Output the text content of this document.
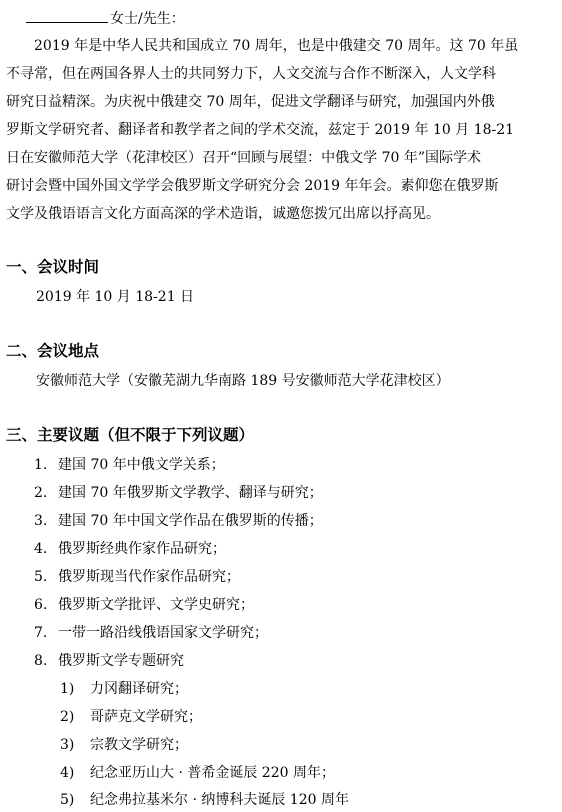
女士/先生：
2019 年是中华人民共和国成立 70 周年，也是中俄建交 70 周年。这 70 年虽
不寻常，但在两国各界人士的共同努力下，人文交流与合作不断深入，人文学科
研究日益精深。为庆祝中俄建交 70 周年，促进文学翻译与研究，加强国内外俄
罗斯文学研究者、翻译者和教学者之间的学术交流，兹定于 2019 年 10 月 18-21
日在安徽师范大学（花津校区）召开“回顾与展望：中俄文学 70 年”国际学术
研讨会暨中国外国文学学会俄罗斯文学研究分会 2019 年年会。素仰您在俄罗斯
文学及俄语语言文化方面高深的学术造诣，诚邀您拨冗出席以抒高见。
一、会议时间
2019 年 10 月 18-21 日
二、会议地点
安徽师范大学（安徽芜湖九华南路 189 号安徽师范大学花津校区）
三、主要议题（但不限于下列议题）
1. 建国 70 年中俄文学关系；
2. 建国 70 年俄罗斯文学教学、翻译与研究；
3. 建国 70 年中国文学作品在俄罗斯的传播；
4. 俄罗斯经典作家作品研究；
5. 俄罗斯现当代作家作品研究；
6. 俄罗斯文学批评、文学史研究；
7. 一带一路沿线俄语国家文学研究；
8. 俄罗斯文学专题研究
1) 力冈翻译研究；
2) 哥萨克文学研究；
3) 宗教文学研究；
4) 纪念亚历山大 · 普希金诞辰 220 周年；
5) 纪念弗拉基米尔 · 纳博科夫诞辰 120 周年
